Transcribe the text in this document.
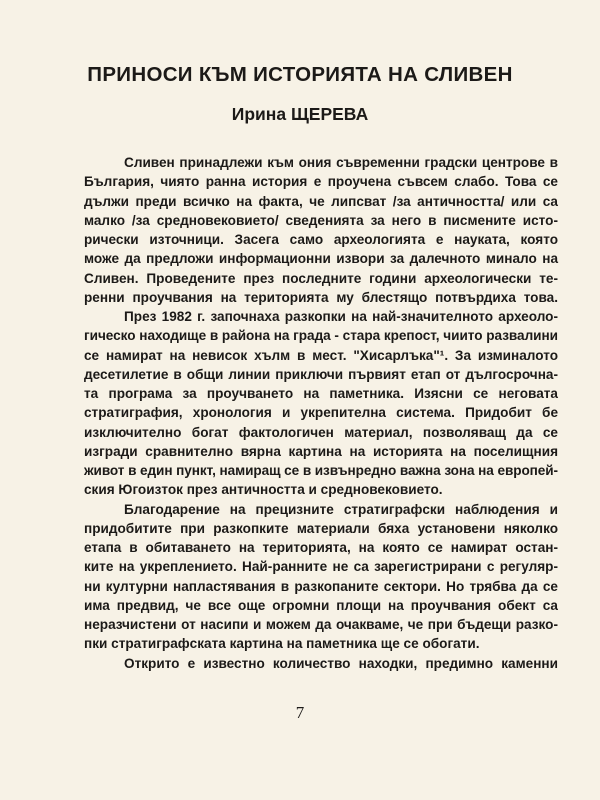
ПРИНОСИ КЪМ ИСТОРИЯТА НА СЛИВЕН
Ирина ЩЕРЕВА
Сливен принадлежи към ония съвременни градски центрове в
България, чиято ранна история е проучена съвсем слабо. Това се
дължи преди всичко на факта, че липсват /за античността/ или са
малко /за средновековието/ сведенията за него в писмените исто-
рически източници. Засега само археологията е науката, която
може да предложи информационни извори за далечното минало на
Сливен. Проведените през последните години археологически те-
ренни проучвания на територията му блестящо потвърдиха това.
През 1982 г. започнаха разкопки на най-значителното археоло-
гическо находище в района на града - стара крепост, чиито развалини
се намират на невисок хълм в мест. "Хисарлъка"¹. За изминалото
десетилетие в общи линии приключи първият етап от дългосрочна-
та програма за проучването на паметника. Изясни се неговата
стратиграфия, хронология и укрепителна система. Придобит бе
изключително богат фактологичен материал, позволяващ да се
изгради сравнително вярна картина на историята на поселищния
живот в един пункт, намиращ се в извънредно важна зона на европей-
ския Югоизток през античността и средновековието.
Благодарение на прецизните стратиграфски наблюдения и
придобитите при разкопките материали бяха установени няколко
етапа в обитаването на територията, на която се намират остан-
ките на укреплението. Най-ранните не са зарегистрирани с регуляр-
ни културни напластявания в разкопаните сектори. Но трябва да се
има предвид, че все още огромни площи на проучвания обект са
неразчистени от насипи и можем да очакваме, че при бъдещи разко-
пки стратиграфската картина на паметника ще се обогати.
Открито е известно количество находки, предимно каменни
7
